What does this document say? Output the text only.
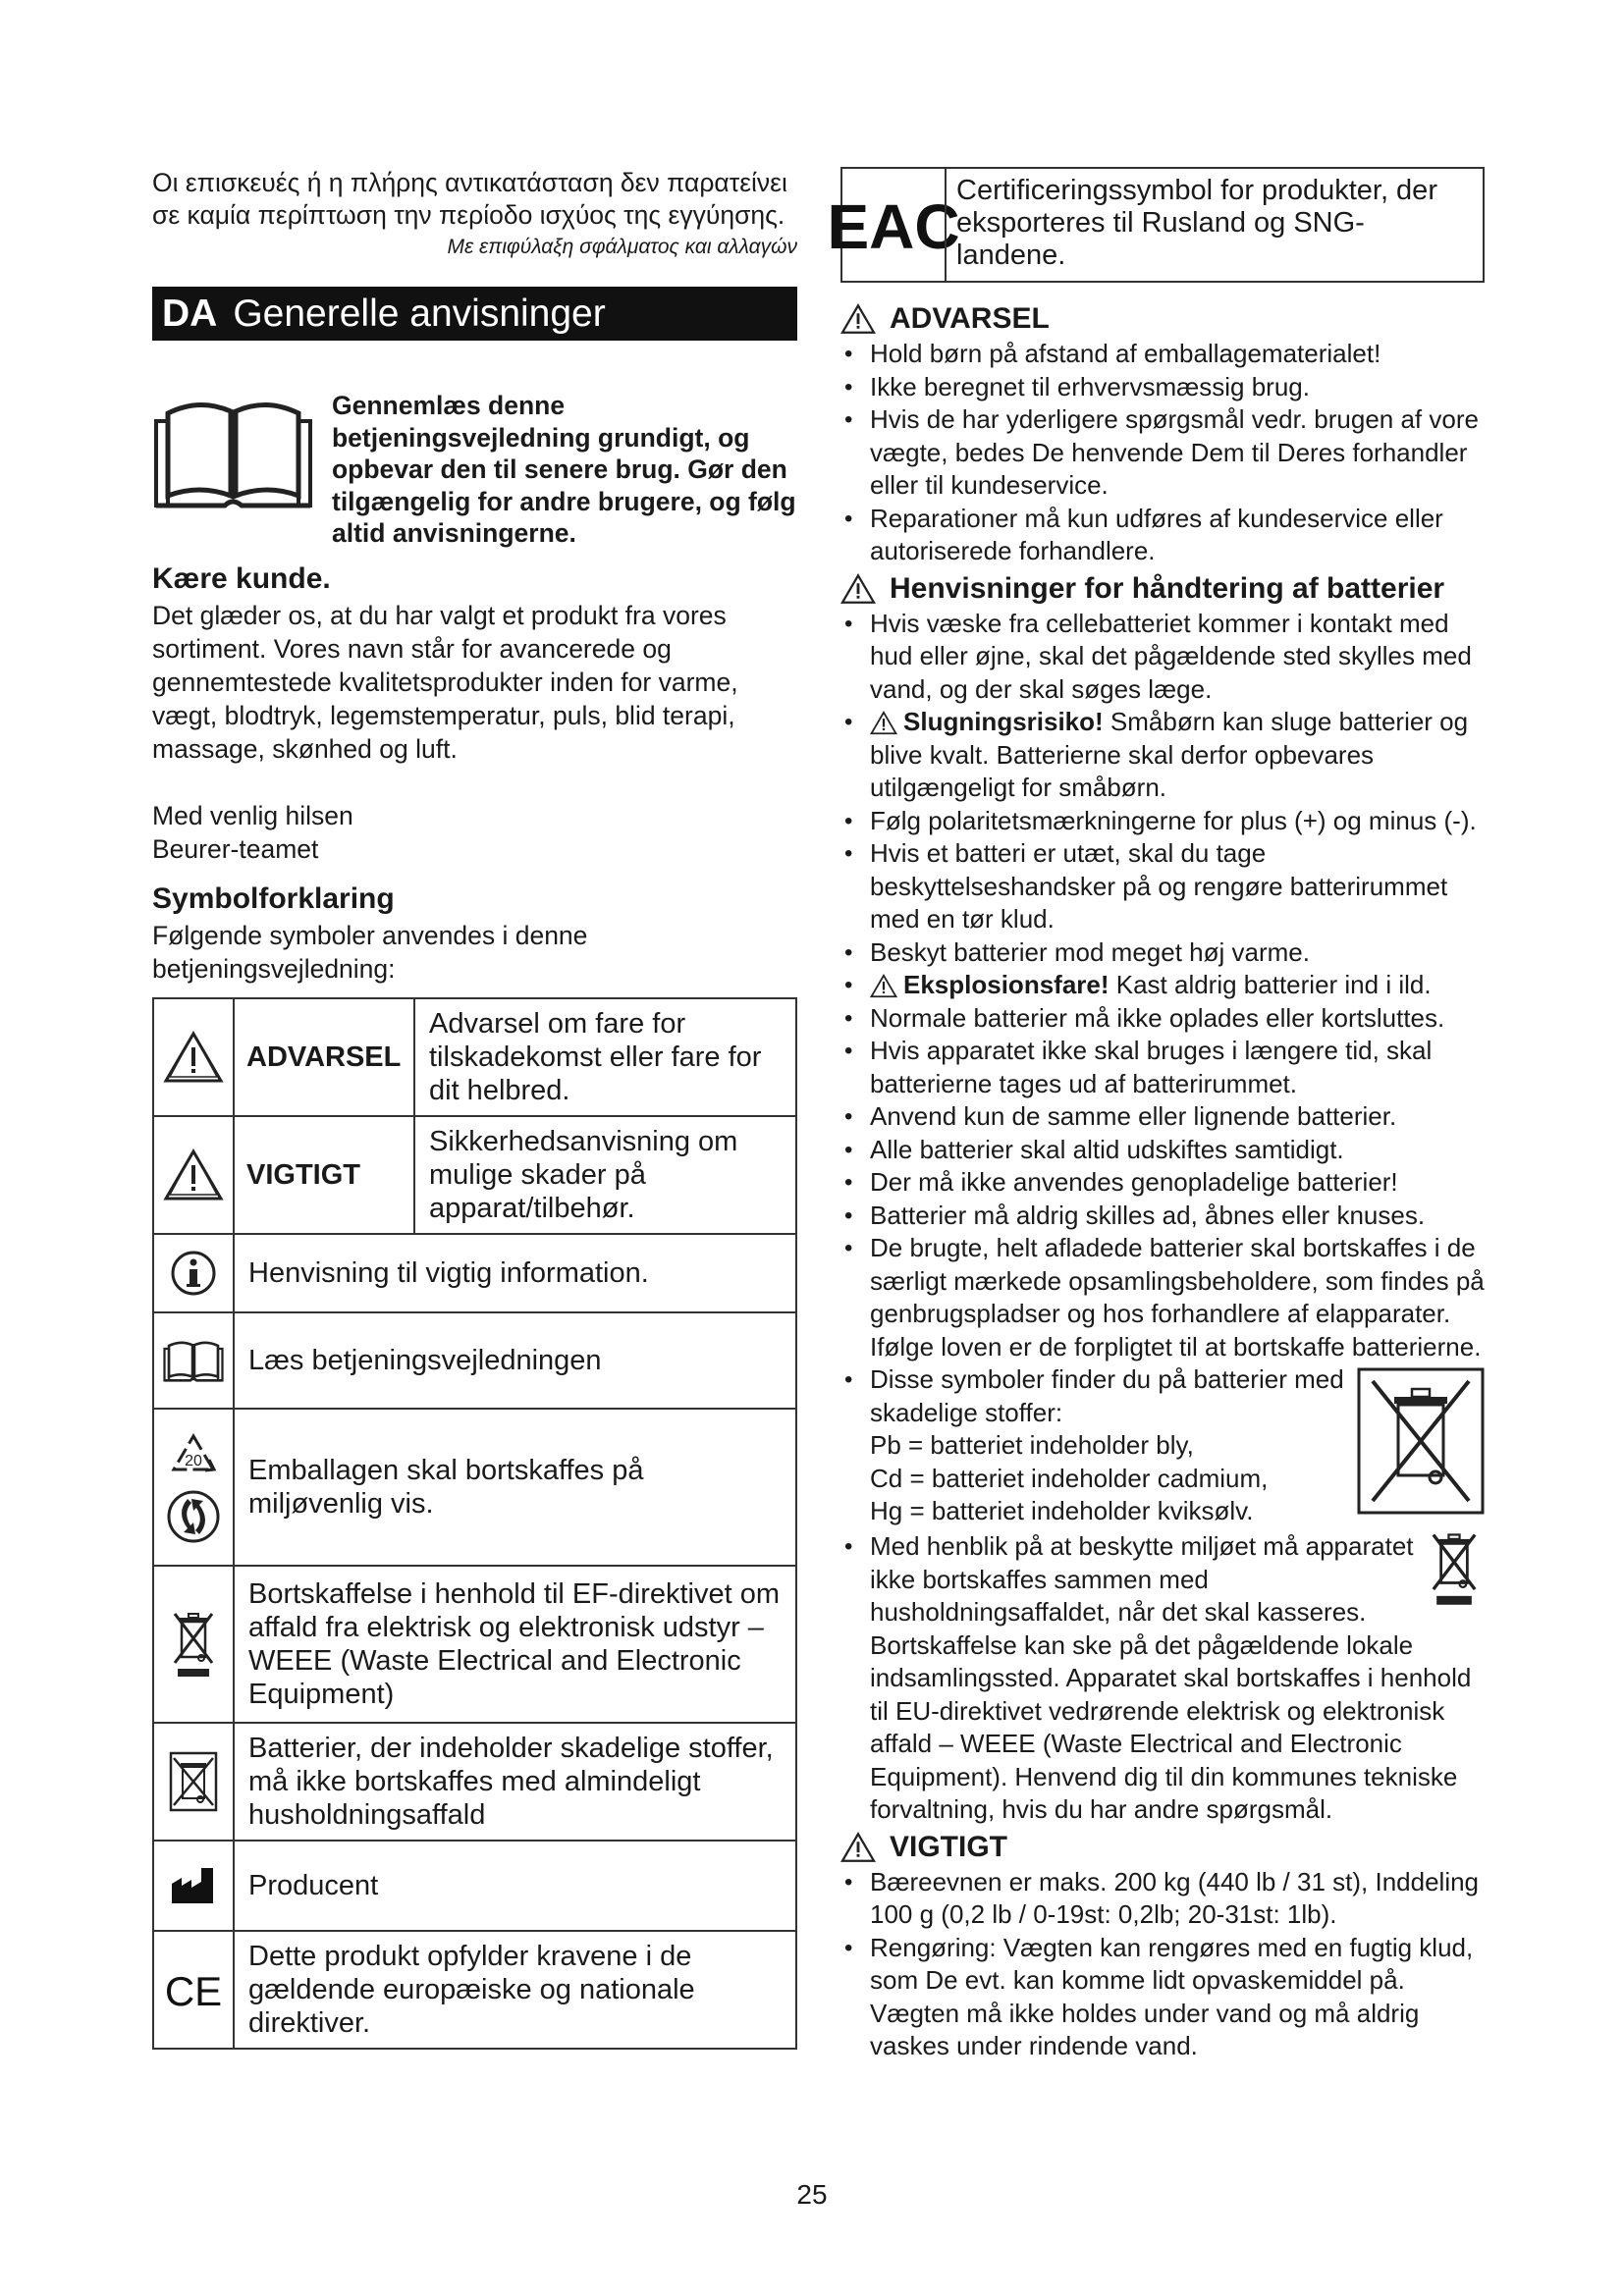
Οι επισκευές ή η πλήρης αντικατάσταση δεν παρατείνει σε καμία περίπτωση την περίοδο ισχύος της εγγύησης.

Με επιφύλαξη σφάλματος και αλλαγών

DA Generelle anvisninger

Gennemlæs denne betjeningsvejledning grundigt, og opbevar den til senere brug. Gør den tilgængelig for andre brugere, og følg altid anvisningerne.

Kære kunde.

Det glæder os, at du har valgt et produkt fra vores sortiment. Vores navn står for avancerede og gennemtestede kvalitetsprodukter inden for varme, vægt, blodtryk, legemstemperatur, puls, blid terapi, massage, skønhed og luft.

Med venlig hilsen

Beurer-teamet

Symbolforklaring

Følgende symboler anvendes i denne betjeningsvejledning:

	ADVARSEL	Advarsel om fare for tilskadekomst eller fare for dit helbred.

	VIGTIGT	Sikkerhedsanvisning om mulige skader på apparat/tilbehør.

	Henvisning til vigtig information.	

	Læs betjeningsvejledningen	

20	Emballagen skal bortskaffes på miljøvenlig vis.	

	Bortskaffelse i henhold til EF-direktivet om affald fra elektrisk og elektronisk udstyr – WEEE (Waste Electrical and Electronic Equipment)	

	Batterier, der indeholder skadelige stoffer, må ikke bortskaffes med almindeligt husholdningsaffald	

	Producent	

CE	Dette produkt opfylder kravene i de gældende europæiske og nationale direktiver.	
EAC
Certificeringssymbol for produkter, der eksporteres til Rusland og SNG-landene.
ADVARSEL
• Hold børn på afstand af emballagematerialet!
• Ikke beregnet til erhvervsmæssig brug.
• Hvis de har yderligere spørgsmål vedr. brugen af vore vægte, bedes De henvende Dem til Deres forhandler eller til kundeservice.
• Reparationer må kun udføres af kundeservice eller autoriserede forhandlere.
Henvisninger for håndtering af batterier
• Hvis væske fra cellebatteriet kommer i kontakt med hud eller øjne, skal det pågældende sted skylles med vand, og der skal søges læge.
• Slugningsrisiko! Småbørn kan sluge batterier og blive kvalt. Batterierne skal derfor opbevares utilgængeligt for småbørn.
• Følg polaritetsmærkningerne for plus (+) og minus (-).
• Hvis et batteri er utæt, skal du tage beskyttelseshandsker på og rengøre batterirummet med en tør klud.
• Beskyt batterier mod meget høj varme.
• Eksplosionsfare! Kast aldrig batterier ind i ild.
• Normale batterier må ikke oplades eller kortsluttes.
• Hvis apparatet ikke skal bruges i længere tid, skal batterierne tages ud af batterirummet.
• Anvend kun de samme eller lignende batterier.
• Alle batterier skal altid udskiftes samtidigt.
• Der må ikke anvendes genopladelige batterier!
• Batterier må aldrig skilles ad, åbnes eller knuses.
• De brugte, helt afladede batterier skal bortskaffes i de særligt mærkede opsamlingsbeholdere, som findes på genbrugspladser og hos forhandlere af elapparater. Ifølge loven er de forpligtet til at bortskaffe batterierne.
• Disse symboler finder du på batterier med skadelige stoffer:
Pb = batteriet indeholder bly,
Cd = batteriet indeholder cadmium,
Hg = batteriet indeholder kviksølv.
• Med henblik på at beskytte miljøet må apparatet ikke bortskaffes sammen med husholdningsaffaldet, når det skal kasseres. Bortskaffelse kan ske på det pågældende lokale indsamlingssted. Apparatet skal bortskaffes i henhold til EU-direktivet vedrørende elektrisk og elektronisk affald – WEEE (Waste Electrical and Electronic Equipment). Henvend dig til din kommunes tekniske forvaltning, hvis du har andre spørgsmål.
VIGTIGT
• Bæreevnen er maks. 200 kg (440 lb / 31 st), Inddeling 100 g (0,2 lb / 0-19st: 0,2lb; 20-31st: 1lb).
• Rengøring: Vægten kan rengøres med en fugtig klud, som De evt. kan komme lidt opvaskemiddel på. Vægten må ikke holdes under vand og må aldrig vaskes under rindende vand.
25
